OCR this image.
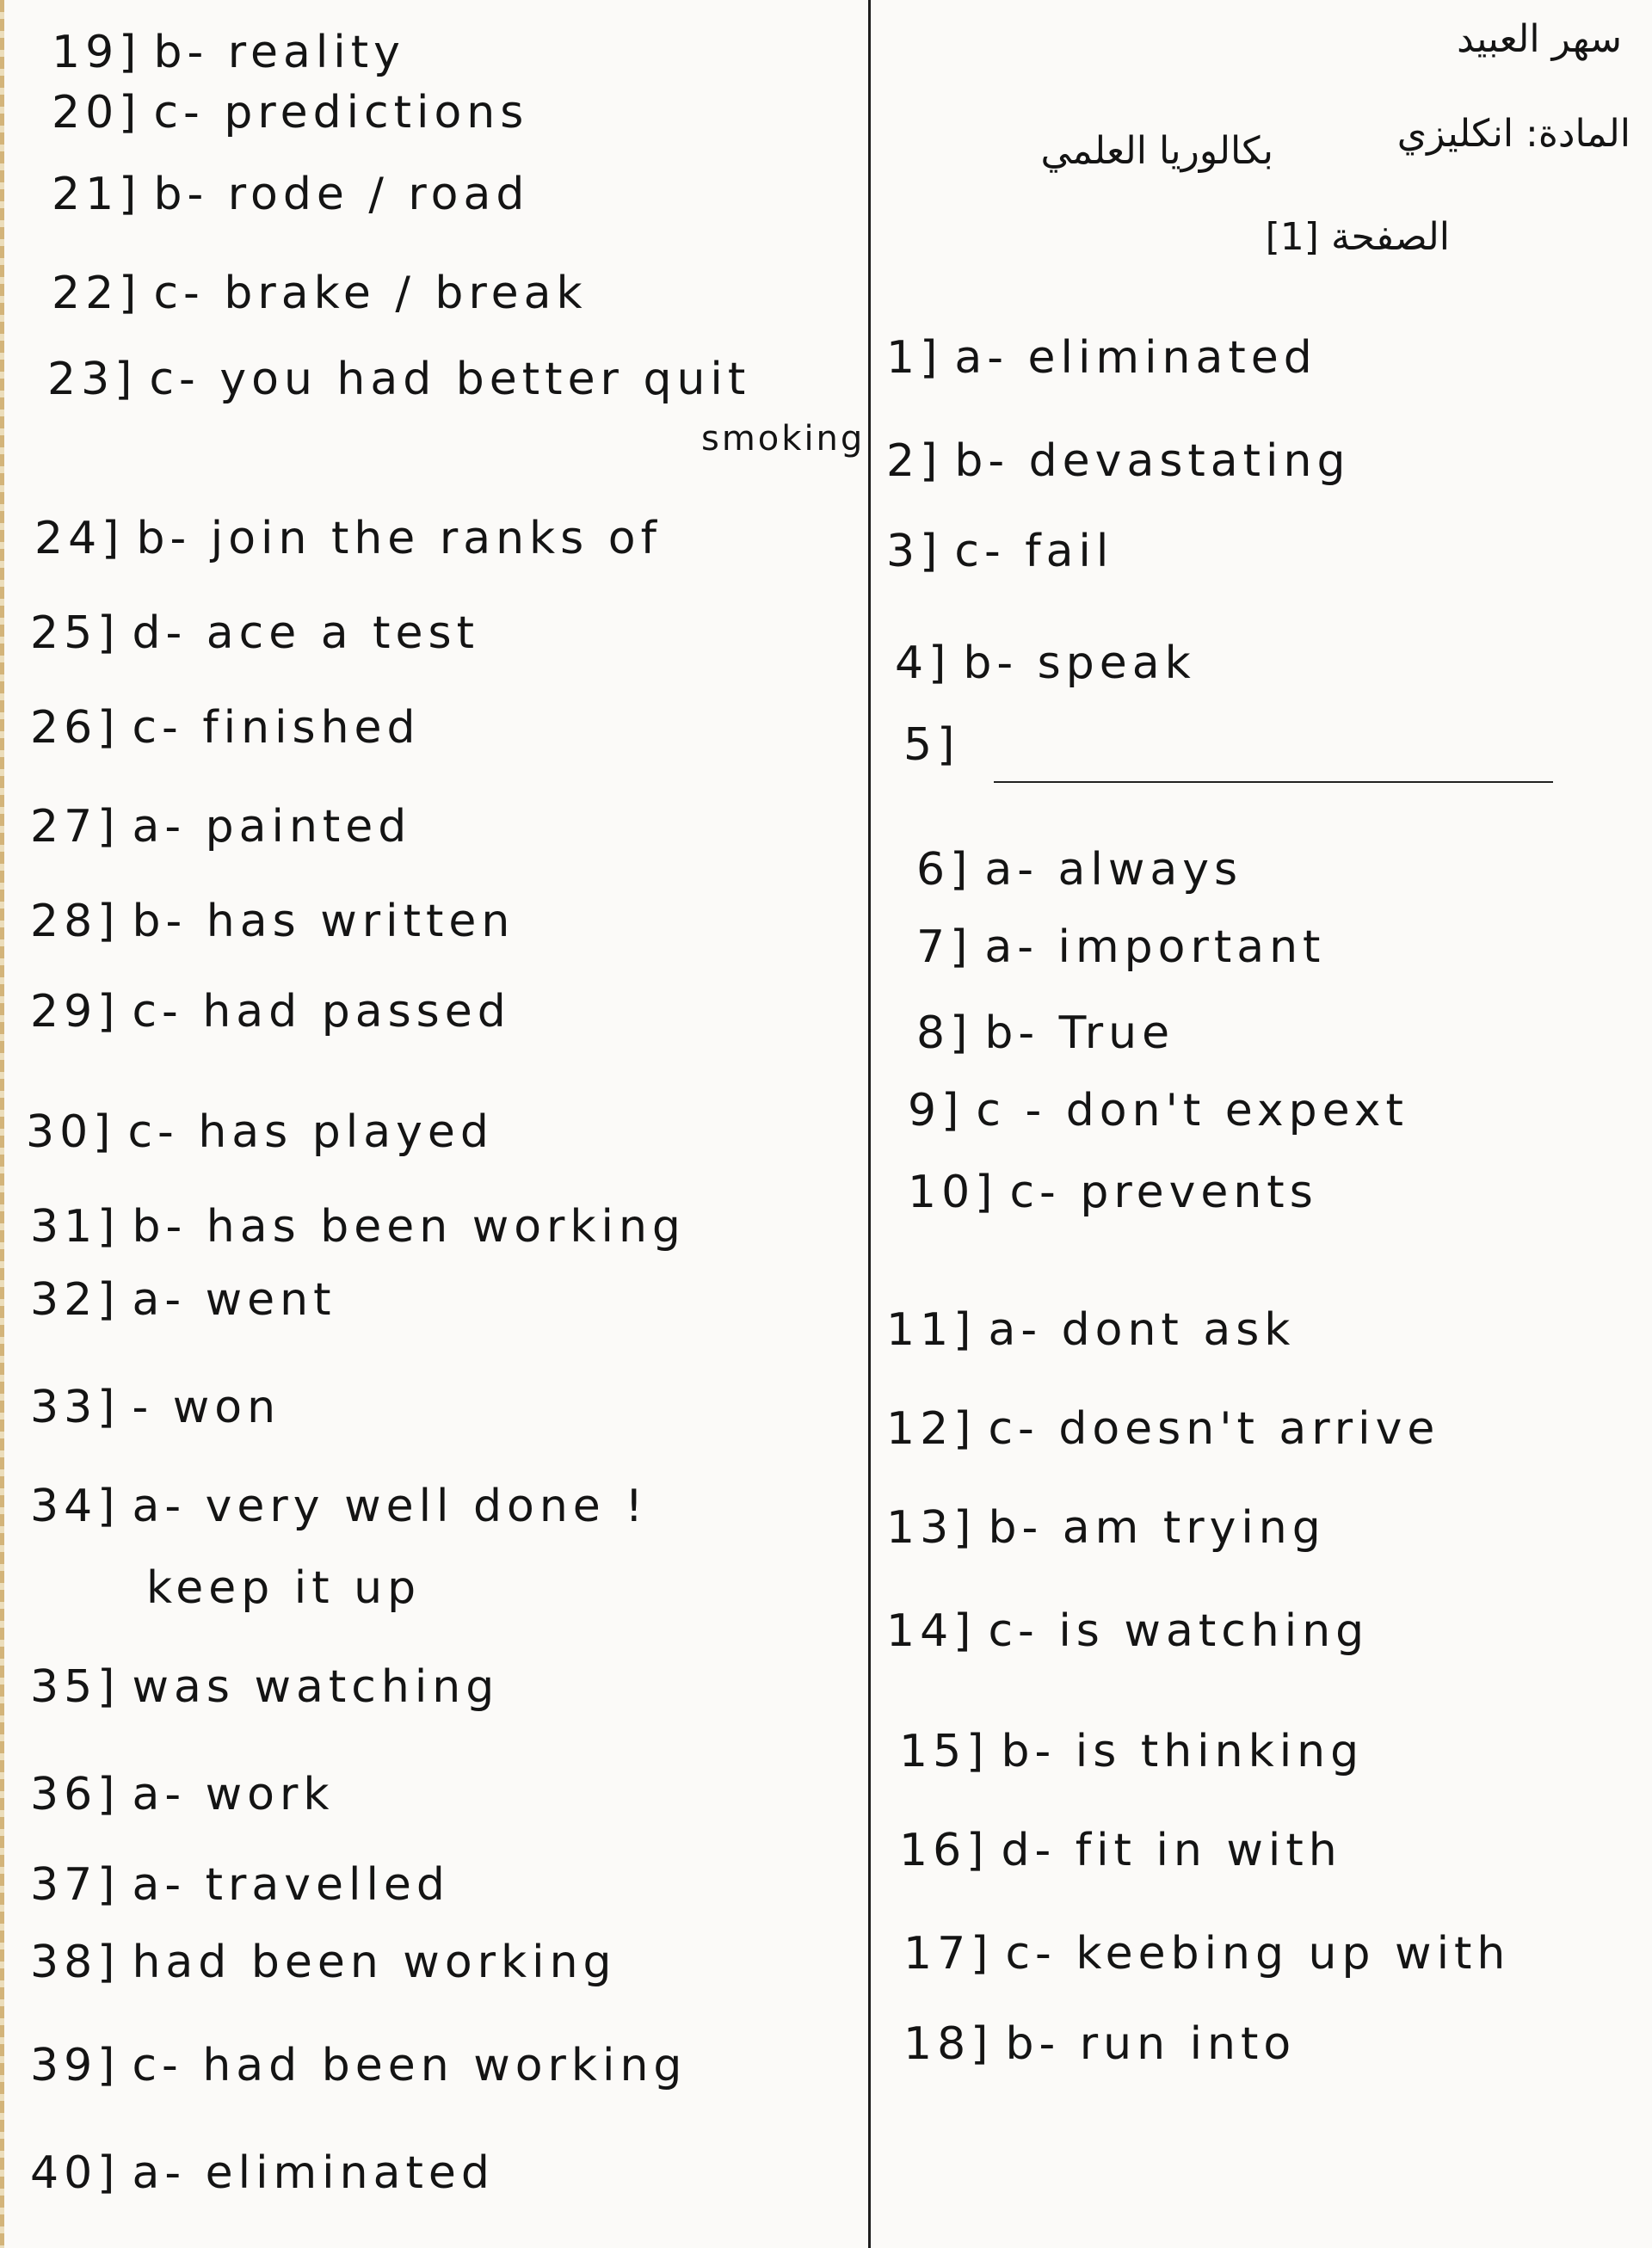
سهر العبيد
المادة: انكليزي
بكالوريا العلمي
الصفحة [1]
19] b- reality
20] c- predictions
21] b- rode / road
22] c- brake / break
23] c- you had better quit
smoking
24] b- join the ranks of
25] d- ace a test
26] c- finished
27] a- painted
28] b- has written
29] c- had passed
30] c- has played
31] b- has been working
32] a- went
33] - won
34] a- very well done !
keep it up
35] was watching
36] a- work
37] a- travelled
38] had been working
39] c- had been working
40] a- eliminated
1] a- eliminated
2] b- devastating
3] c- fail
4] b- speak
5]
6] a- always
7] a- important
8] b- True
9] c - don't expext
10] c- prevents
11] a- dont ask
12] c- doesn't arrive
13] b- am trying
14] c- is watching
15] b- is thinking
16] d- fit in with
17] c- keebing up with
18] b- run into
